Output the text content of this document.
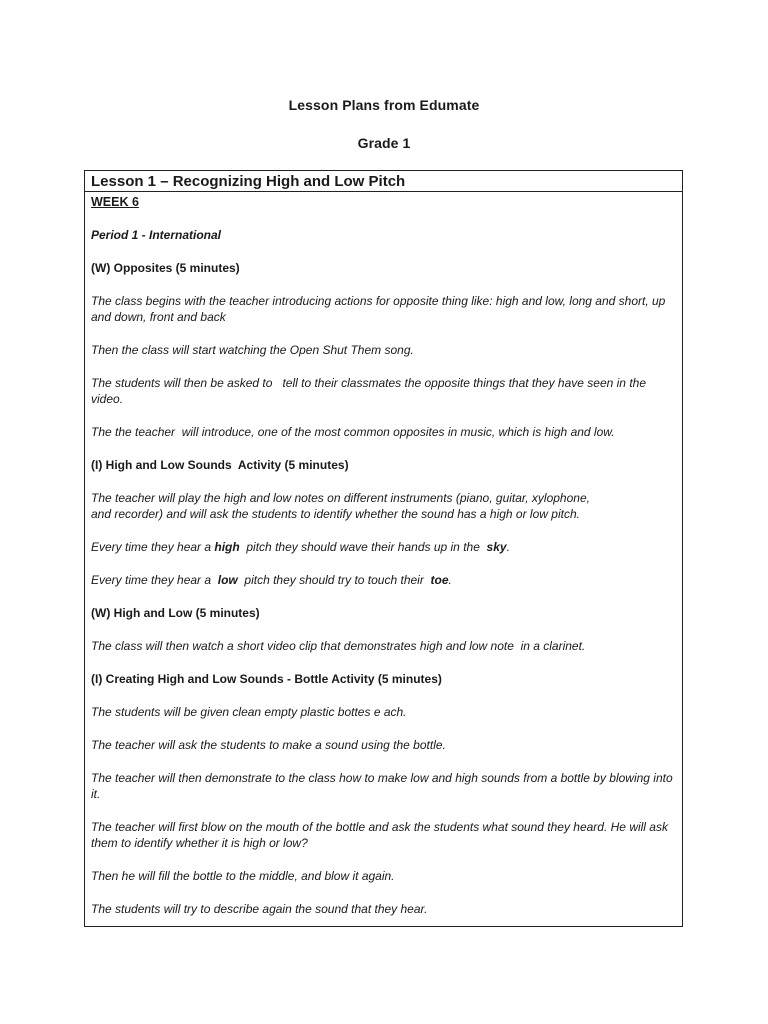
Lesson Plans from Edumate
Grade 1
Lesson 1 – Recognizing High and Low Pitch
WEEK 6
Period 1 - International
(W) Opposites (5 minutes)
The class begins with the teacher introducing actions for opposite thing like: high and low, long and short, up and down, front and back
Then the class will start watching the Open Shut Them song.
The students will then be asked to   tell to their classmates the opposite things that they have seen in the video.
The the teacher  will introduce, one of the most common opposites in music, which is high and low.
(I) High and Low Sounds  Activity (5 minutes)
The teacher will play the high and low notes on different instruments (piano, guitar, xylophone, and recorder) and will ask the students to identify whether the sound has a high or low pitch.
Every time they hear a high  pitch they should wave their hands up in the  sky.
Every time they hear a  low  pitch they should try to touch their  toe.
(W) High and Low (5 minutes)
The class will then watch a short video clip that demonstrates high and low note  in a clarinet.
(I) Creating High and Low Sounds - Bottle Activity (5 minutes)
The students will be given clean empty plastic bottes e ach.
The teacher will ask the students to make a sound using the bottle.
The teacher will then demonstrate to the class how to make low and high sounds from a bottle by blowing into it.
The teacher will first blow on the mouth of the bottle and ask the students what sound they heard. He will ask them to identify whether it is high or low?
Then he will fill the bottle to the middle, and blow it again.
The students will try to describe again the sound that they hear.
